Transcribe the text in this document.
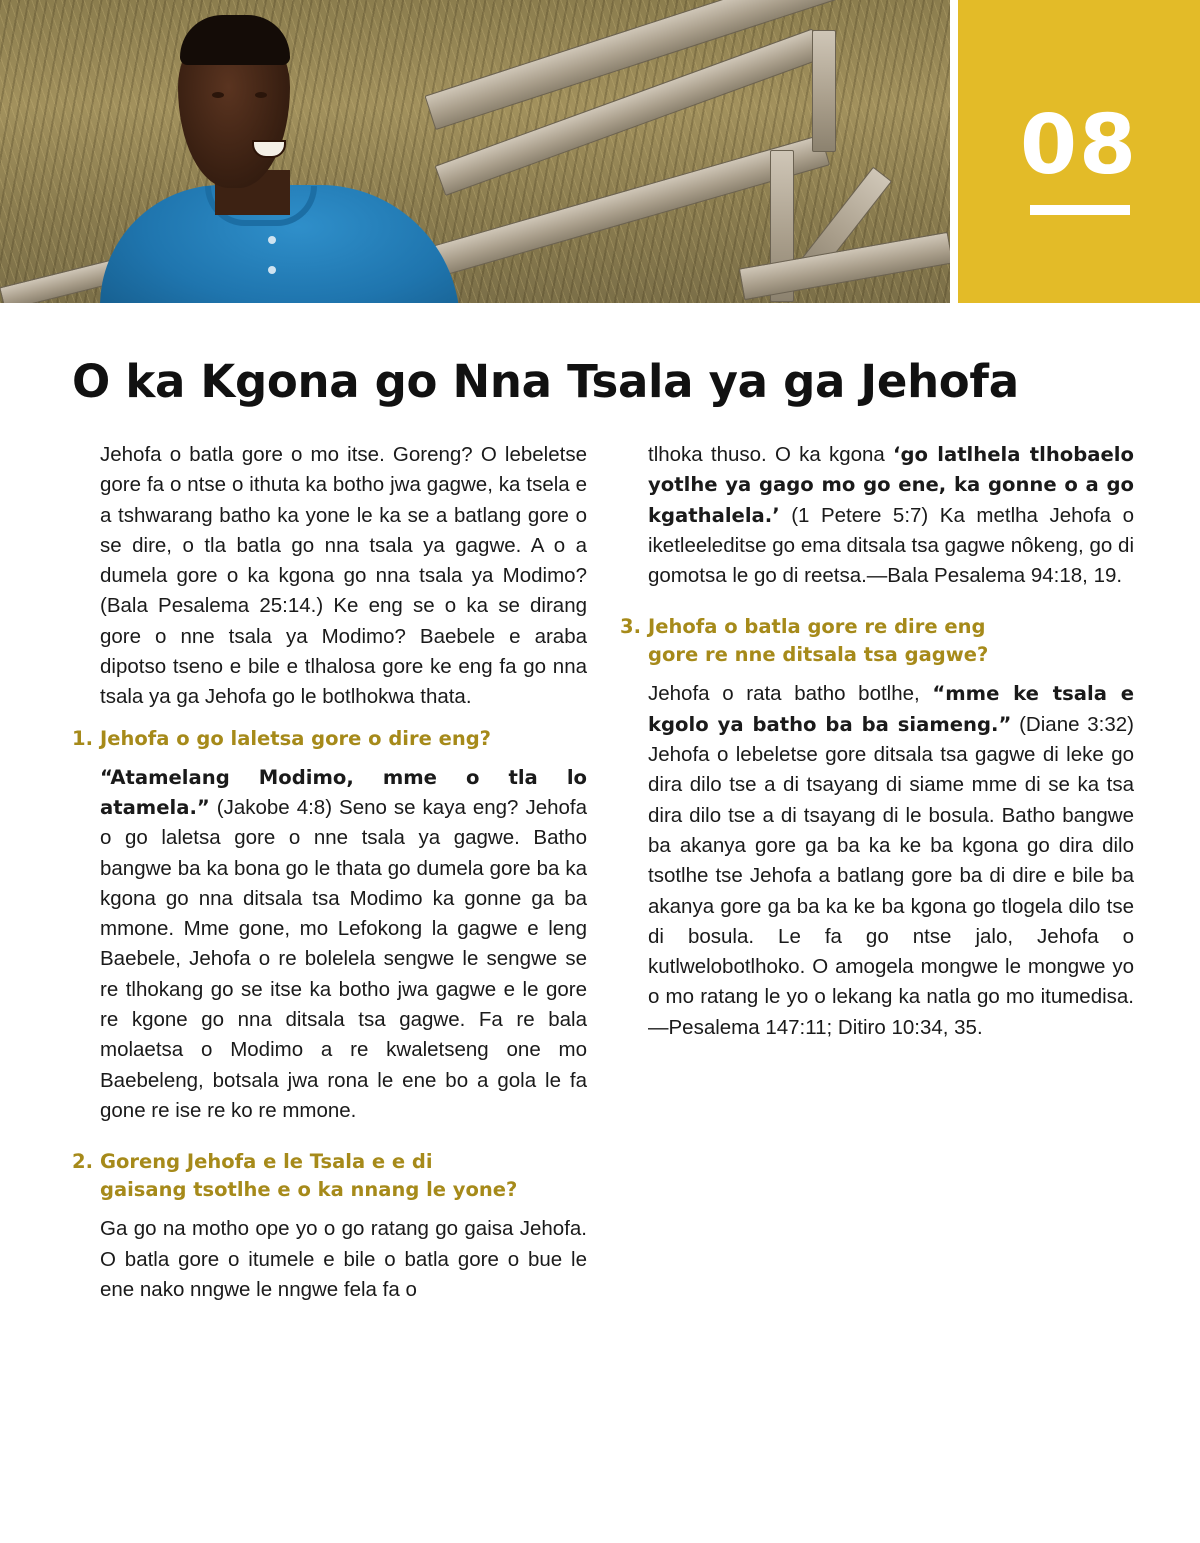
08
O ka Kgona go Nna Tsala ya ga Jehofa

Jehofa o batla gore o mo itse. Goreng? O lebeletse gore fa o ntse o ithuta ka botho jwa gagwe, ka tsela e a tshwarang batho ka yone le ka se a batlang gore o se dire, o tla batla go nna tsala ya gagwe. A o a dumela gore o ka kgona go nna tsala ya Modimo? (Bala Pesalema 25:14.) Ke eng se o ka se dirang gore o nne tsala ya Modimo? Baebele e araba dipotso tseno e bile e tlhalosa gore ke eng fa go nna tsala ya ga Jehofa go le botlhokwa thata.

1. Jehofa o go laletsa gore o dire eng?

“Atamelang Modimo, mme o tla lo atamela.” (Jakobe 4:8) Seno se kaya eng? Jehofa o go laletsa gore o nne tsala ya gagwe. Batho bangwe ba ka bona go le thata go dumela gore ba ka kgona go nna ditsala tsa Modimo ka gonne ga ba mmone. Mme gone, mo Lefokong la gagwe e leng Baebele, Jehofa o re bolelela sengwe le sengwe se re tlhokang go se itse ka botho jwa gagwe e le gore re kgone go nna ditsala tsa gagwe. Fa re bala molaetsa o Modimo a re kwaletseng one mo Baebeleng, botsala jwa rona le ene bo a gola le fa gone re ise re ko re mmone.

2. Goreng Jehofa e le Tsala e e di gaisang tsotlhe e o ka nnang le yone?

Ga go na motho ope yo o go ratang go gaisa Jehofa. O batla gore o itumele e bile o batla gore o bue le ene nako nngwe le nngwe fela fa o

tlhoka thuso. O ka kgona ‘go latlhela tlhobaelo yotlhe ya gago mo go ene, ka gonne o a go kgathalela.’ (1 Petere 5:7) Ka metlha Jehofa o iketleeleditse go ema ditsala tsa gagwe nôkeng, go di gomotsa le go di reetsa.—Bala Pesalema 94:18, 19.

3. Jehofa o batla gore re dire eng gore re nne ditsala tsa gagwe?

Jehofa o rata batho botlhe, “mme ke tsala e kgolo ya batho ba ba siameng.” (Diane 3:32) Jehofa o lebeletse gore ditsala tsa gagwe di leke go dira dilo tse a di tsayang di siame mme di se ka tsa dira dilo tse a di tsayang di le bosula. Batho bangwe ba akanya gore ga ba ka ke ba kgona go dira dilo tsotlhe tse Jehofa a batlang gore ba di dire e bile ba akanya gore ga ba ka ke ba kgona go tlogela dilo tse di bosula. Le fa go ntse jalo, Jehofa o kutlwelobotlhoko. O amogela mongwe le mongwe yo o mo ratang le yo o lekang ka natla go mo itumedisa.—Pesalema 147:11; Ditiro 10:34, 35.
